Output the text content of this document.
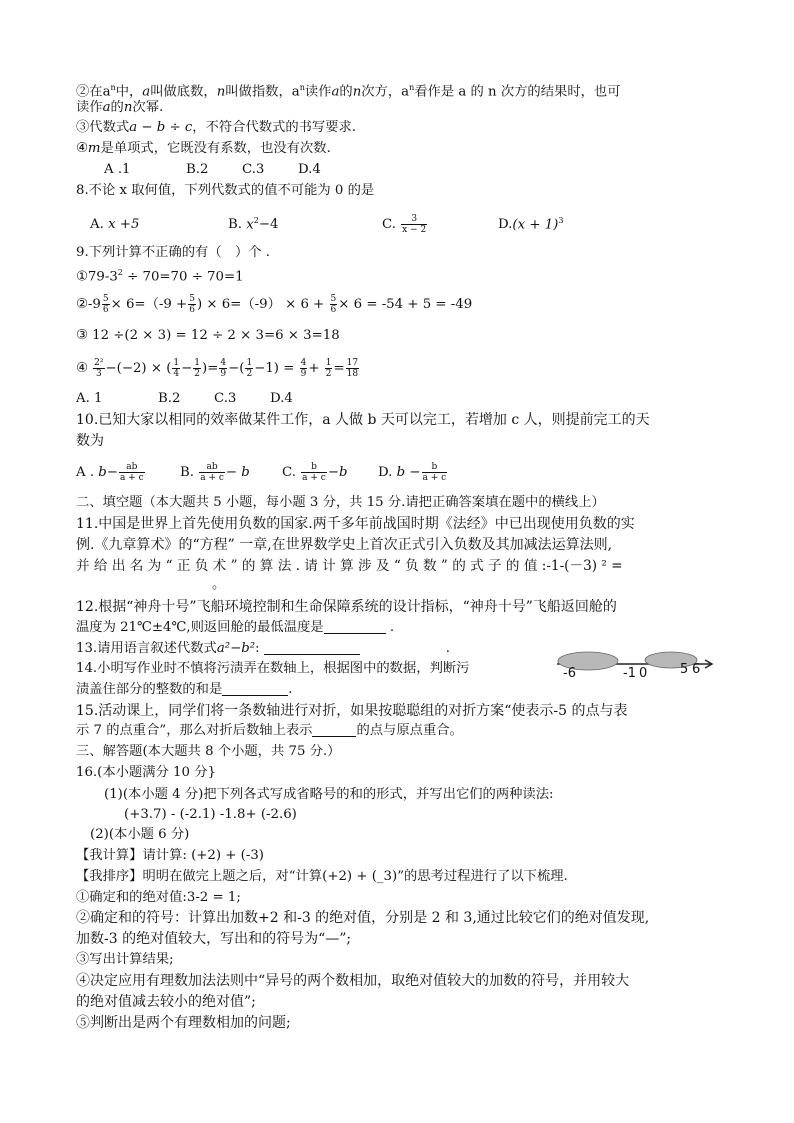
②在$a^n$中，a叫做底数，n叫做指数，$a^n$读作a的n次方，$a^n$看作是 a 的 n 次方的结果时，也可
读作a的n次幂.
③代数式a − b ÷ c，不符合代数式的书写要求.
④m是单项式，它既没有系数，也没有次数.
A .1	B.2	C.3	D.4
8.不论 x 取何值，下列代数式的值不可能为 0 的是
A. x +5	B. $x^2-4$	C. $\frac{3}{x - 2}$	$D.(x + 1)^3$
9.下列计算不正确的有（　）个 .
$①79-3^2 \div 70=70 \div 70=1$
②-9 $\frac{5}{6} \times 6=(-9 + \frac{5}{6}$ ) × $6=(-9) \times 6 + \frac{5}{6} \times 6 = -54 + 5 = -49$
③ 12 ÷(2 × 3) = 12 ÷ 2 × 3=6 × 3=18
④ $\frac{\text{2²}}{3} -(-2)$ × ( $\frac{1}{4} - \frac{1}{2}$ )= $\frac{4}{9}$ −( $\frac{1}{2} -1) = \frac{4}{9} + \frac{1}{2} = \frac{17}{18}$
A. 1	B.2	C.3	D.4
10.已知大家以相同的效率做某件工作，a 人做 b 天可以完工，若增加 c 人，则提前完工的天
数为
A . $b- \frac{ab}{a + c}$	B. $\frac{ab}{a + c} - b$ C. $\frac{b}{a + c} -b$ D. $b - \frac{b}{a + c}$
二、填空题（本大题共 5 小题，每小题 3 分，共 15 分.请把正确答案填在题中的横线上）
11.中国是世界上首先使用负数的国家.两千多年前战国时期《法经》中已出现使用负数的实
例.《九章算术》的“方程” 一章,在世界数学史上首次正式引入负数及其加减法运算法则,
并 给 出 名 为 “ 正 负 术 ” 的 算 法 . 请 计 算 涉 及 “ 负 数 ” 的 式 子 的 值 :-1-(－3) ² =
。
12.根据“神舟十号”飞船环境控制和生命保障系统的设计指标，“神舟十号”飞船返回舱的
温度为 21℃±4℃,则返回舱的最低温度是	.
13.请用语言叙述代数式a²−b²:	.
14.小明写作业时不慎将污渍弄在数轴上，根据图中的数据，判断污
渍盖住部分的整数的和是	.
-6	-1 0	5 6
15.活动课上，同学们将一条数轴进行对折，如果按聪聪组的对折方案“使表示-5 的点与表
示 7 的点重合”，那么对折后数轴上表示	的点与原点重合。
三、解答题(本大题共 8 个小题，共 75 分.）
16.(本小题满分 10 分}
(1)(本小题 4 分)把下列各式写成省略号的和的形式，并写出它们的两种读法:
(+3.7) - (-2.1) -1.8+ (-2.6)
(2)(本小题 6 分)
【我计算】请计算: (+2) + (-3)
【我排序】明明在做完上题之后，对“计算(+2) + (_3)”的思考过程进行了以下梳理.
①确定和的绝对值:3-2 = 1;
②确定和的符号：计算出加数+2 和-3 的绝对值，分别是 2 和 3,通过比较它们的绝对值发现,
加数-3 的绝对值较大，写出和的符号为“—”;
③写出计算结果;
④决定应用有理数加法法则中“异号的两个数相加，取绝对值较大的加数的符号，并用较大
的绝对值减去较小的绝对值”;
⑤判断出是两个有理数相加的问题;
